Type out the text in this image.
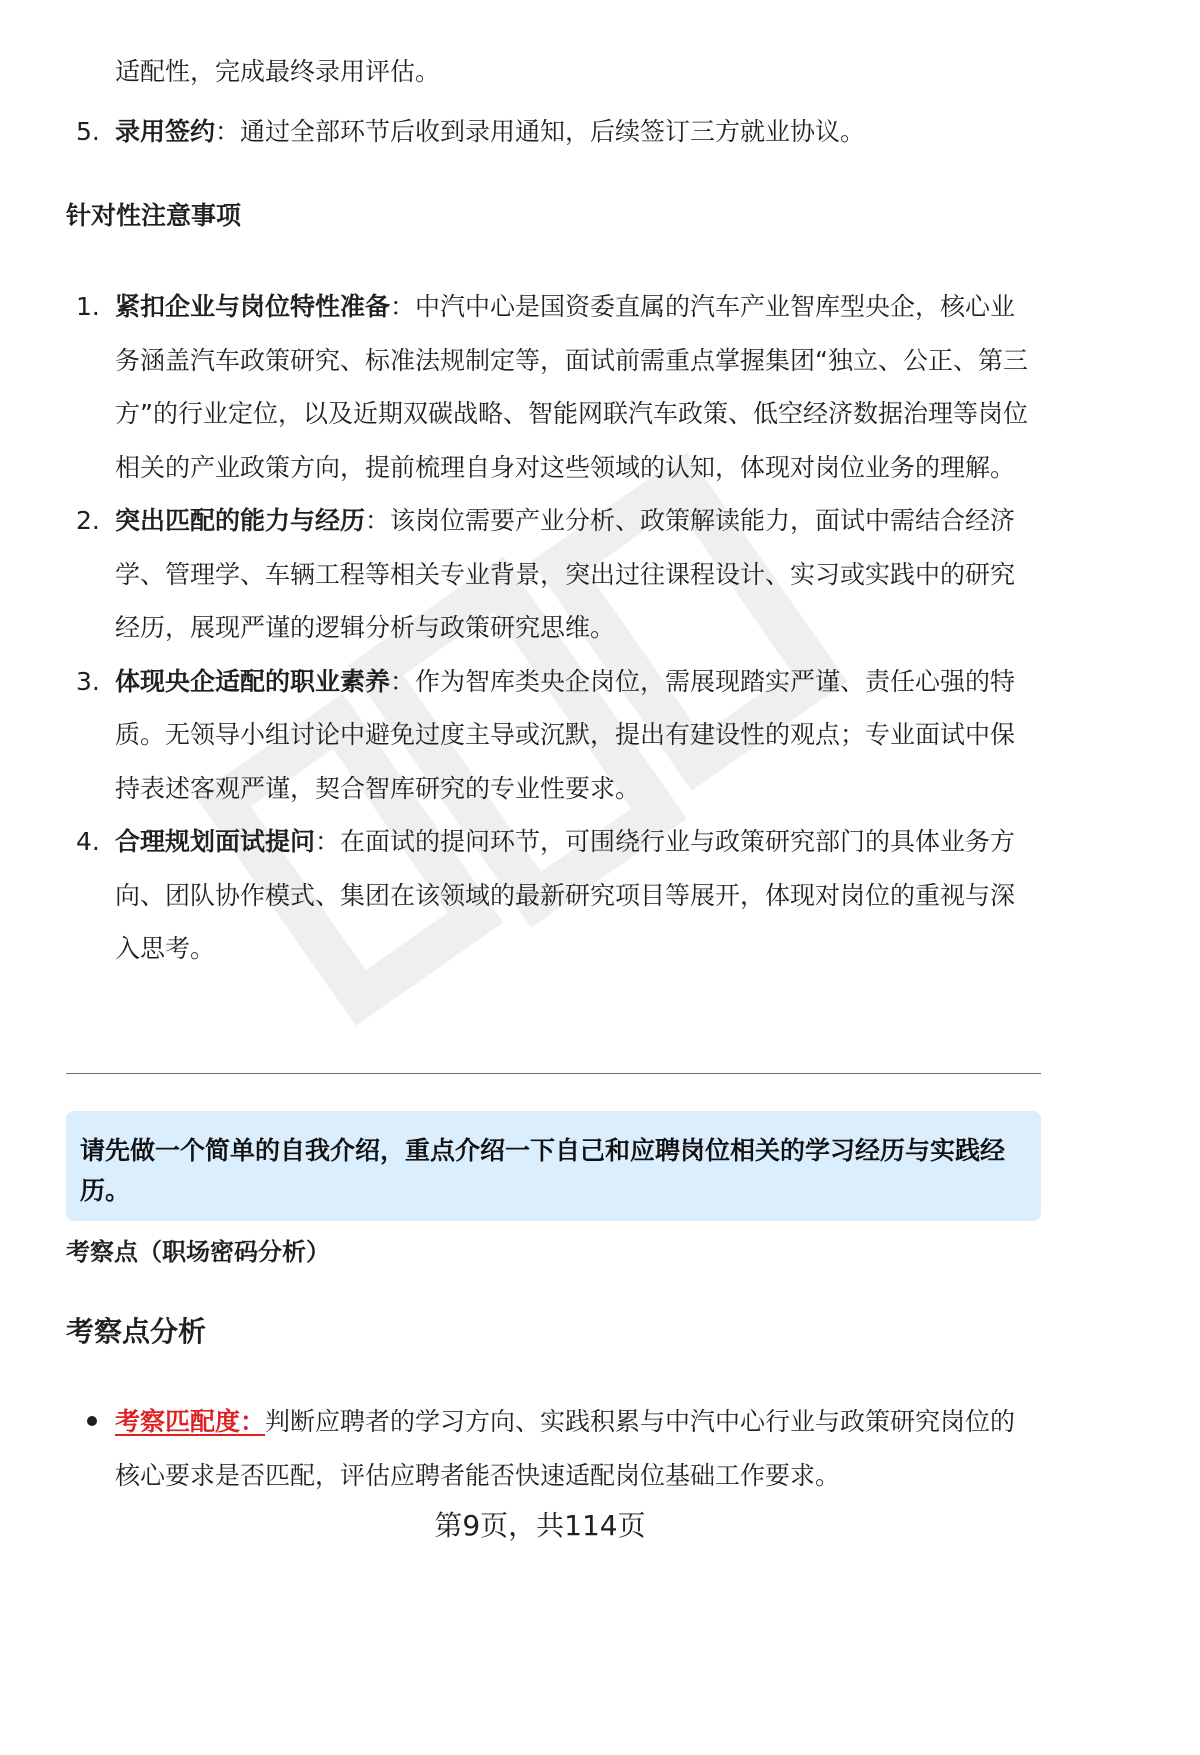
适配性，完成最终录用评估。
5. 录用签约：通过全部环节后收到录用通知，后续签订三方就业协议。
针对性注意事项
1. 紧扣企业与岗位特性准备：中汽中心是国资委直属的汽车产业智库型央企，核心业务涵盖汽车政策研究、标准法规制定等，面试前需重点掌握集团“独立、公正、第三方”的行业定位，以及近期双碳战略、智能网联汽车政策、低空经济数据治理等岗位相关的产业政策方向，提前梳理自身对这些领域的认知，体现对岗位业务的理解。
2. 突出匹配的能力与经历：该岗位需要产业分析、政策解读能力，面试中需结合经济学、管理学、车辆工程等相关专业背景，突出过往课程设计、实习或实践中的研究经历，展现严谨的逻辑分析与政策研究思维。
3. 体现央企适配的职业素养：作为智库类央企岗位，需展现踏实严谨、责任心强的特质。无领导小组讨论中避免过度主导或沉默，提出有建设性的观点；专业面试中保持表述客观严谨，契合智库研究的专业性要求。
4. 合理规划面试提问：在面试的提问环节，可围绕行业与政策研究部门的具体业务方向、团队协作模式、集团在该领域的最新研究项目等展开，体现对岗位的重视与深入思考。
请先做一个简单的自我介绍，重点介绍一下自己和应聘岗位相关的学习经历与实践经历。
考察点（职场密码分析）
考察点分析
考察匹配度：判断应聘者的学习方向、实践积累与中汽中心行业与政策研究岗位的核心要求是否匹配，评估应聘者能否快速适配岗位基础工作要求。
第9页，共114页
